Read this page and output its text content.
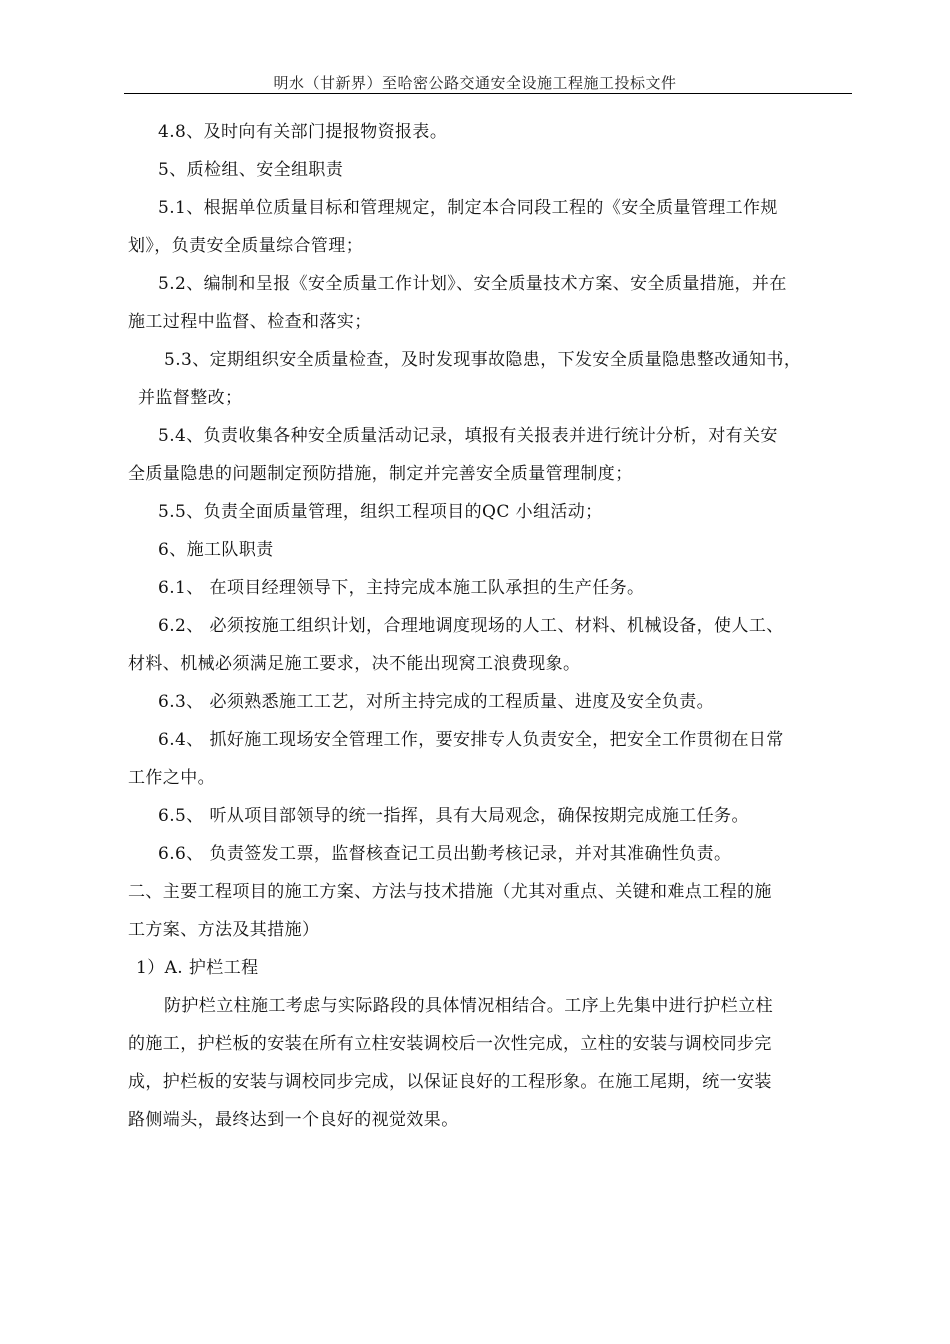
明水（甘新界）至哈密公路交通安全设施工程施工投标文件

4.8、及时向有关部门提报物资报表。

5、质检组、安全组职责

5.1、根据单位质量目标和管理规定，制定本合同段工程的《安全质量管理工作规

划》，负责安全质量综合管理；

5.2、编制和呈报《安全质量工作计划》、安全质量技术方案、安全质量措施，并在

施工过程中监督、检查和落实；

5.3、定期组织安全质量检查，及时发现事故隐患，下发安全质量隐患整改通知书，

并监督整改；

5.4、负责收集各种安全质量活动记录，填报有关报表并进行统计分析，对有关安

全质量隐患的问题制定预防措施，制定并完善安全质量管理制度；

5.5、负责全面质量管理，组织工程项目的QC 小组活动；

6、施工队职责

6.1、 在项目经理领导下，主持完成本施工队承担的生产任务。

6.2、 必须按施工组织计划，合理地调度现场的人工、材料、机械设备，使人工、

材料、机械必须满足施工要求，决不能出现窝工浪费现象。

6.3、 必须熟悉施工工艺，对所主持完成的工程质量、进度及安全负责。

6.4、 抓好施工现场安全管理工作，要安排专人负责安全，把安全工作贯彻在日常

工作之中。

6.5、 听从项目部领导的统一指挥，具有大局观念，确保按期完成施工任务。

6.6、 负责签发工票，监督核查记工员出勤考核记录，并对其准确性负责。

二、主要工程项目的施工方案、方法与技术措施（尤其对重点、关键和难点工程的施

工方案、方法及其措施）

1）A. 护栏工程

防护栏立柱施工考虑与实际路段的具体情况相结合。工序上先集中进行护栏立柱

的施工，护栏板的安装在所有立柱安装调校后一次性完成，立柱的安装与调校同步完

成，护栏板的安装与调校同步完成，以保证良好的工程形象。在施工尾期，统一安装

路侧端头，最终达到一个良好的视觉效果。
